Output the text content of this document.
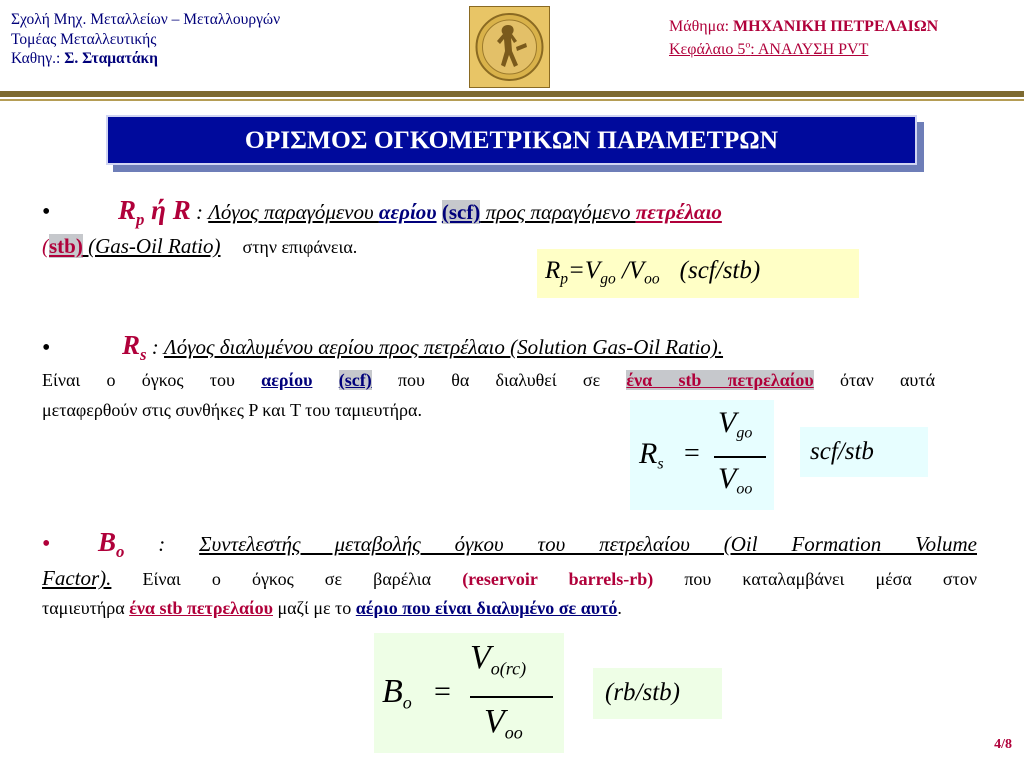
Σχολή Μηχ. Μεταλλείων – Μεταλλουργών
Τομέας Μεταλλευτικής
Καθηγ.: Σ. Σταματάκη
Μάθημα: ΜΗΧΑΝΙΚΗ ΠΕΤΡΕΛΑΙΩΝ
Κεφάλαιο $5^o$: ΑΝΑΛΥΣΗ PVT
ΟΡΙΣΜΟΣ ΟΓΚΟΜΕΤΡΙΚΩΝ ΠΑΡΑΜΕΤΡΩΝ
•	$R_p$ ή R : Λόγος παραγόμενου αερίου (scf) προς παραγόμενο πετρέλαιο
(stb) (Gas-Oil Ratio) στην επιφάνεια.
$R_p=V_{go}$ $/V_{oo}$ (scf/stb)
•	$R_s$ : Λόγος διαλυμένου αερίου προς πετρέλαιο (Solution Gas-Oil Ratio).
Είναι ο όγκος του αερίου (scf) που θα διαλυθεί σε ένα stb πετρελαίου όταν αυτά
μεταφερθούν στις συνθήκες P και T του ταμιευτήρα.
$R_s$ =
$V_{go}$
$V_{oo}$
scf/stb
• $B_o$ : Συντελεστής μεταβολής όγκου του πετρελαίου (Oil Formation Volume
Factor). Είναι ο όγκος σε βαρέλια (reservoir barrels-rb) που καταλαμβάνει μέσα στον
ταμιευτήρα ένα stb πετρελαίου μαζί με το αέριο που είναι διαλυμένο σε αυτό.
$B_o$ =
$V_{o(rc)}$
$V_{oo}$
(rb/stb)
4/8
